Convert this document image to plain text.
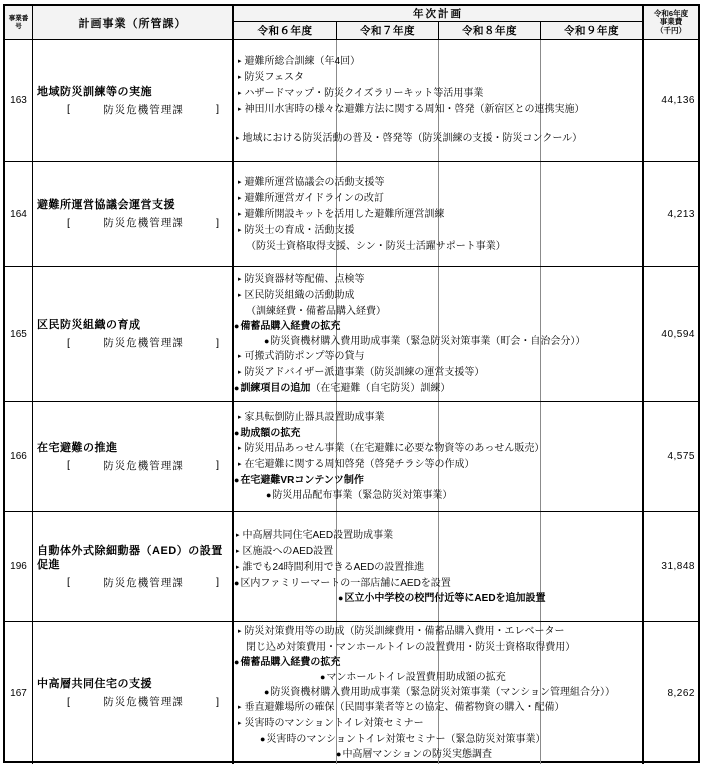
事業番号	計画事業（所管課）
年次計画
令和６年度	令和７年度	令和８年度	令和９年度
令和6年度
事業費
（千円）
163
地域防災訓練等の実施
[	防災危機管理課	]
▸ 避難所総合訓練（年4回）
▸ 防災フェスタ
▸ ハザードマップ・防災クイズラリーキット等活用事業
▸ 神田川水害時の様々な避難方法に関する周知・啓発（新宿区との連携実施）
▸ 地域における防災活動の普及・啓発等（防災訓練の支援・防災コンクール）
44,136
164
避難所運営協議会運営支援
[	防災危機管理課	]
▸ 避難所運営協議会の活動支援等
▸ 避難所運営ガイドラインの改訂
▸ 避難所開設キットを活用した避難所運営訓練
▸ 防災士の育成・活動支援
（防災士資格取得支援、シン・防災士活躍サポート事業）
4,213
165
区民防災組織の育成
[	防災危機管理課	]
▸ 防災資器材等配備、点検等
▸ 区民防災組織の活動助成
（訓練経費・備蓄品購入経費）
● 備蓄品購入経費の拡充
● 防災資機材購入費用助成事業（緊急防災対策事業（町会・自治会分））
▸ 可搬式消防ポンプ等の貸与
▸ 防災アドバイザー派遣事業（防災訓練の運営支援等）
● 訓練項目の追加 （在宅避難（自宅防災）訓練）
40,594
166
在宅避難の推進
[	防災危機管理課	]
▸ 家具転倒防止器具設置助成事業
● 助成額の拡充
▸ 防災用品あっせん事業（在宅避難に必要な物資等のあっせん販売）
▸ 在宅避難に関する周知啓発（啓発チラシ等の作成）
● 在宅避難VRコンテンツ制作
● 防災用品配布事業（緊急防災対策事業）
4,575
196
自動体外式除細動器（AED）の設置促進
[	防災危機管理課	]
▸ 中高層共同住宅AED設置助成事業
▸ 区施設へのAED設置
▸ 誰でも24時間利用できるAEDの設置推進
● 区内ファミリーマートの一部店舗にAEDを設置
● 区立小中学校の校門付近等にAEDを追加設置
31,848
167
中高層共同住宅の支援
[	防災危機管理課	]
▸ 防災対策費用等の助成（防災訓練費用・備蓄品購入費用・エレベーター
閉じ込め対策費用・マンホールトイレの設置費用・防災士資格取得費用）
● 備蓄品購入経費の拡充
● マンホールトイレ設置費用助成額の拡充
● 防災資機材購入費用助成事業（緊急防災対策事業（マンション管理組合分））
▸ 垂直避難場所の確保（民間事業者等との協定、備蓄物資の購入・配備）
▸ 災害時のマンショントイレ対策セミナー
● 災害時のマンショントイレ対策セミナー（緊急防災対策事業）
● 中高層マンションの防災実態調査
8,262
